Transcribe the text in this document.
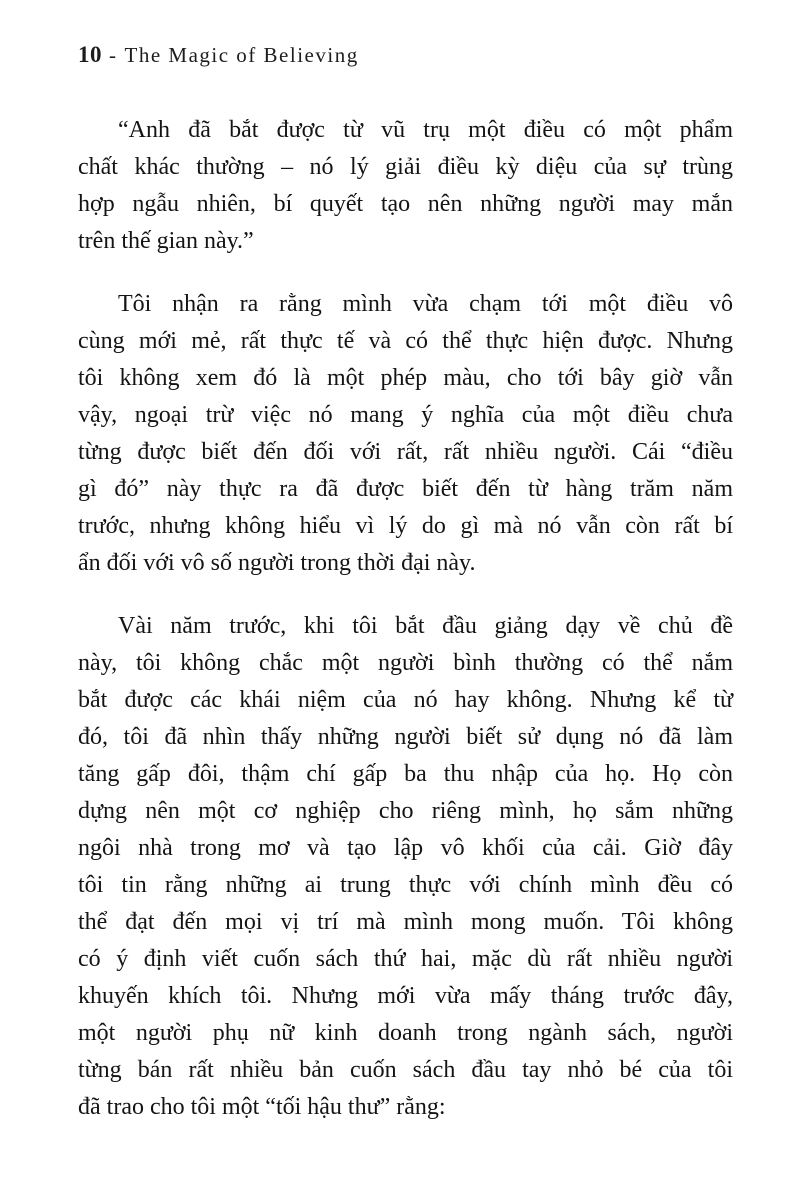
10 - The Magic of Believing
“Anh đã bắt được từ vũ trụ một điều có một phẩm
chất khác thường – nó lý giải điều kỳ diệu của sự trùng
hợp ngẫu nhiên, bí quyết tạo nên những người may mắn
trên thế gian này.”
Tôi nhận ra rằng mình vừa chạm tới một điều vô
cùng mới mẻ, rất thực tế và có thể thực hiện được. Nhưng
tôi không xem đó là một phép màu, cho tới bây giờ vẫn
vậy, ngoại trừ việc nó mang ý nghĩa của một điều chưa
từng được biết đến đối với rất, rất nhiều người. Cái “điều
gì đó” này thực ra đã được biết đến từ hàng trăm năm
trước, nhưng không hiểu vì lý do gì mà nó vẫn còn rất bí
ẩn đối với vô số người trong thời đại này.
Vài năm trước, khi tôi bắt đầu giảng dạy về chủ đề
này, tôi không chắc một người bình thường có thể nắm
bắt được các khái niệm của nó hay không. Nhưng kể từ
đó, tôi đã nhìn thấy những người biết sử dụng nó đã làm
tăng gấp đôi, thậm chí gấp ba thu nhập của họ. Họ còn
dựng nên một cơ nghiệp cho riêng mình, họ sắm những
ngôi nhà trong mơ và tạo lập vô khối của cải. Giờ đây
tôi tin rằng những ai trung thực với chính mình đều có
thể đạt đến mọi vị trí mà mình mong muốn. Tôi không
có ý định viết cuốn sách thứ hai, mặc dù rất nhiều người
khuyến khích tôi. Nhưng mới vừa mấy tháng trước đây,
một người phụ nữ kinh doanh trong ngành sách, người
từng bán rất nhiều bản cuốn sách đầu tay nhỏ bé của tôi
đã trao cho tôi một “tối hậu thư” rằng:
